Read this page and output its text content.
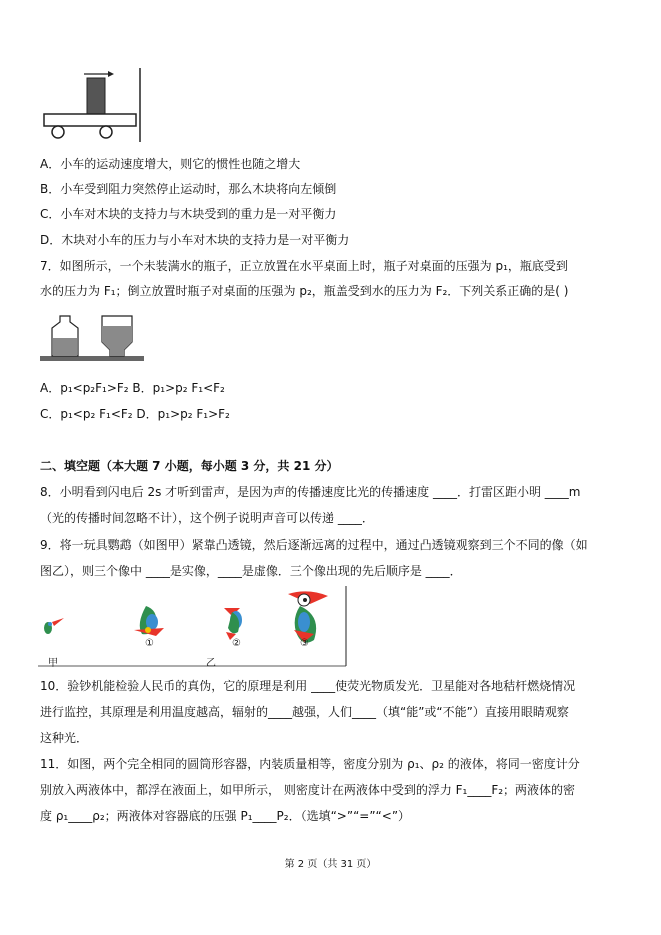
A．小车的运动速度增大，则它的惯性也随之增大
B．小车受到阻力突然停止运动时，那么木块将向左倾倒
C．小车对木块的支持力与木块受到的重力是一对平衡力
D．木块对小车的压力与小车对木块的支持力是一对平衡力
7．如图所示，一个未装满水的瓶子，正立放置在水平桌面上时，瓶子对桌面的压强为 p₁，瓶底受到
水的压力为 F₁；倒立放置时瓶子对桌面的压强为 p₂，瓶盖受到水的压力为 F₂．下列关系正确的是( )
A．p₁<p₂F₁>F₂ B．p₁>p₂ F₁<F₂
C．p₁<p₂ F₁<F₂ D．p₁>p₂ F₁>F₂
二、填空题（本大题 7 小题，每小题 3 分，共 21 分）
8．小明看到闪电后 2s 才听到雷声，是因为声的传播速度比光的传播速度 ____．打雷区距小明 ____m
（光的传播时间忽略不计），这个例子说明声音可以传递 ____．
9．将一玩具鹦鹉（如图甲）紧靠凸透镜，然后逐渐远离的过程中，通过凸透镜观察到三个不同的像（如
图乙），则三个像中 ____是实像，____是虚像．三个像出现的先后顺序是 ____．
甲
①
乙
②	③
10．验钞机能检验人民币的真伪，它的原理是利用 ____使荧光物质发光．卫星能对各地秸杆燃烧情况
进行监控，其原理是利用温度越高，辐射的____越强，人们____（填“能”或“不能”）直接用眼睛观察
这种光．
11．如图，两个完全相同的圆筒形容器，内装质量相等，密度分别为 ρ₁、ρ₂ 的液体，将同一密度计分
别放入两液体中，都浮在液面上，如甲所示， 则密度计在两液体中受到的浮力 F₁____F₂；两液体的密
度 ρ₁____ρ₂；两液体对容器底的压强 P₁____P₂．（选填“>”“=”“<”）
第 2 页（共 31 页）
